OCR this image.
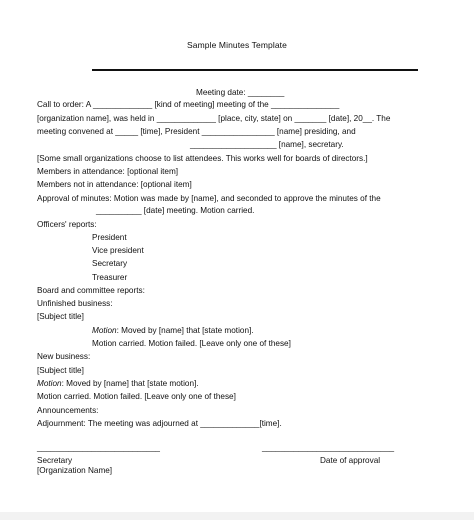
Sample Minutes Template
Meeting date: ________
Call to order: A _____________ [kind of meeting] meeting of the _______________
[organization name], was held in _____________ [place, city, state] on _______ [date], 20__. The
meeting convened at _____ [time], President ________________ [name] presiding, and
___________________ [name], secretary.
[Some small organizations choose to list attendees. This works well for boards of directors.]
Members in attendance: [optional item]
Members not in attendance: [optional item]
Approval of minutes: Motion was made by [name], and seconded to approve the minutes of the
__________ [date] meeting. Motion carried.
Officers' reports:
President
Vice president
Secretary
Treasurer
Board and committee reports:
Unfinished business:
[Subject title]
Motion: Moved by [name] that [state motion].
Motion carried. Motion failed. [Leave only one of these]
New business:
[Subject title]
Motion: Moved by [name] that [state motion].
Motion carried. Motion failed. [Leave only one of these]
Announcements:
Adjournment: The meeting was adjourned at _____________[time].
___________________________	_____________________________
Secretary	Date of approval
[Organization Name]
